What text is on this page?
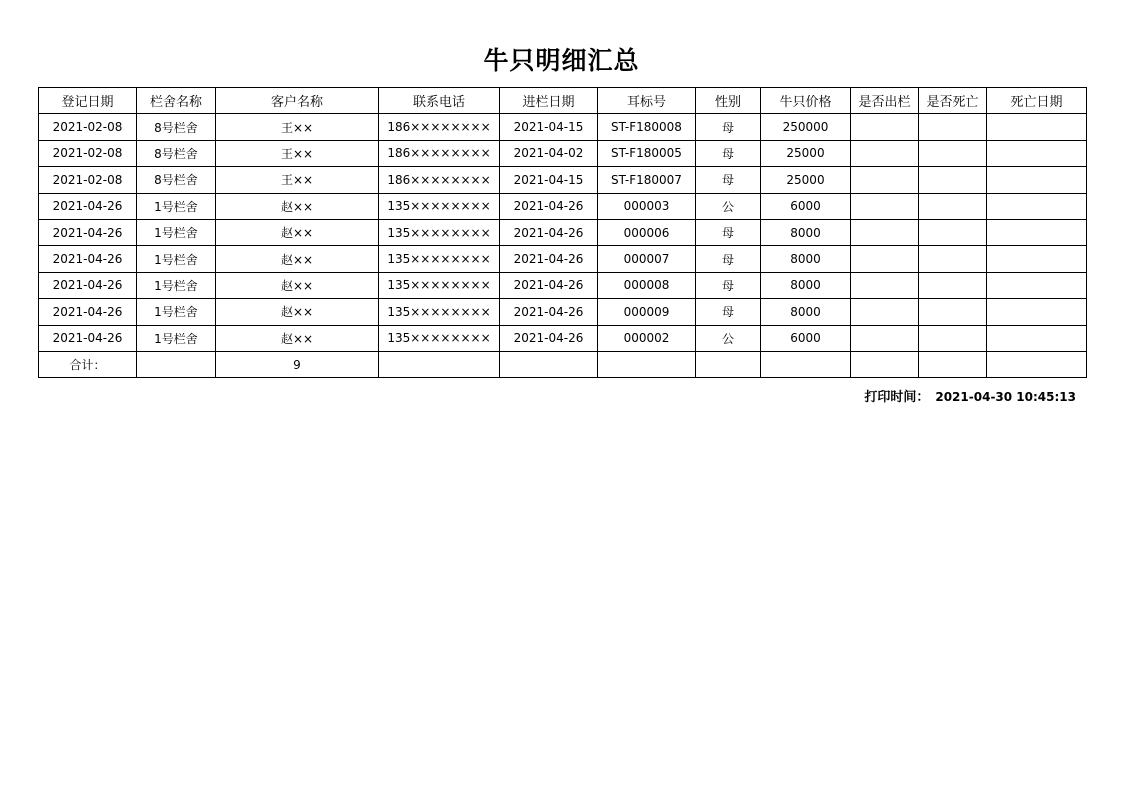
牛只明细汇总
登记日期	栏舍名称	客户名称	联系电话	进栏日期	耳标号	性别	牛只价格	是否出栏	是否死亡	死亡日期
2021-02-08	8号栏舍	王××	186××××××××	2021-04-15	ST-F180008	母	250000			
2021-02-08	8号栏舍	王××	186××××××××	2021-04-02	ST-F180005	母	25000			
2021-02-08	8号栏舍	王××	186××××××××	2021-04-15	ST-F180007	母	25000			
2021-04-26	1号栏舍	赵××	135××××××××	2021-04-26	000003	公	6000			
2021-04-26	1号栏舍	赵××	135××××××××	2021-04-26	000006	母	8000			
2021-04-26	1号栏舍	赵××	135××××××××	2021-04-26	000007	母	8000			
2021-04-26	1号栏舍	赵××	135××××××××	2021-04-26	000008	母	8000			
2021-04-26	1号栏舍	赵××	135××××××××	2021-04-26	000009	母	8000			
2021-04-26	1号栏舍	赵××	135××××××××	2021-04-26	000002	公	6000			
合计：		9								
打印时间： 2021-04-30 10:45:13
